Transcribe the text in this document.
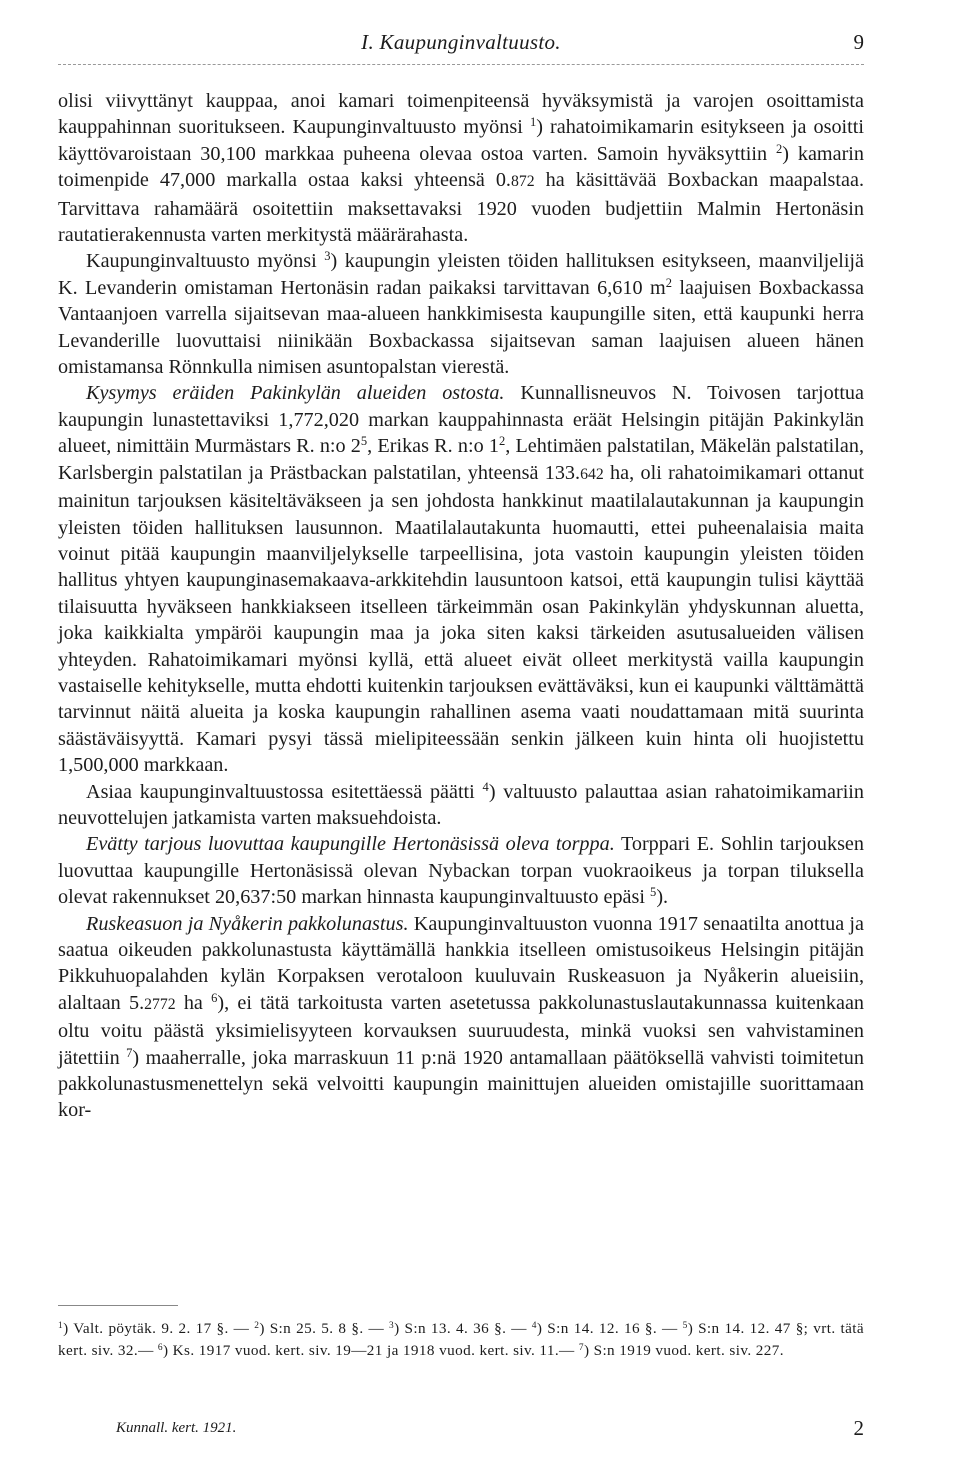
I. Kaupunginvaltuusto.	9

olisi viivyttänyt kauppaa, anoi kamari toimenpiteensä hyväksymistä ja varojen osoittamista kauppahinnan suoritukseen. Kaupunginvaltuusto myönsi $^1$) rahatoimikamarin esitykseen ja osoitti käyttövaroistaan 30,100 markkaa puheena olevaa ostoa varten. Samoin hyväksyttiin $^2$) kamarin toimenpide 47,000 markalla ostaa kaksi yhteensä 0.872 ha käsittävää Boxbackan maapalstaa. Tarvittava rahamäärä osoitettiin maksettavaksi 1920 vuoden budjettiin Malmin Hertonäsin rautatierakennusta varten merkitystä määrärahasta.

Kaupunginvaltuusto myönsi $^3$) kaupungin yleisten töiden hallituksen esitykseen, maanviljelijä K. Levanderin omistaman Hertonäsin radan paikaksi tarvittavan 6,610 $m^2$ laajuisen Boxbackassa Vantaanjoen varrella sijaitsevan maa-alueen hankkimisesta kaupungille siten, että kaupunki herra Levanderille luovuttaisi niinikään Boxbackassa sijaitsevan saman laajuisen alueen hänen omistamansa Rönnkulla nimisen asuntopalstan vierestä.

Kysymys eräiden Pakinkylän alueiden ostosta. Kunnallisneuvos N. Toivosen tarjottua kaupungin lunastettaviksi 1,772,020 markan kauppahinnasta eräät Helsingin pitäjän Pakinkylän alueet, nimittäin Murmästars R. n:o $2^5$, Erikas R. n:o $1^2$, Lehtimäen palstatilan, Mäkelän palstatilan, Karlsbergin palstatilan ja Prästbackan palstatilan, yhteensä 133.642 ha, oli rahatoimikamari ottanut mainitun tarjouksen käsiteltäväkseen ja sen johdosta hankkinut maatilalautakunnan ja kaupungin yleisten töiden hallituksen lausunnon. Maatilalautakunta huomautti, ettei puheenalaisia maita voinut pitää kaupungin maanviljelykselle tarpeellisina, jota vastoin kaupungin yleisten töiden hallitus yhtyen kaupunginasemakaava-arkkitehdin lausuntoon katsoi, että kaupungin tulisi käyttää tilaisuutta hyväkseen hankkiakseen itselleen tärkeimmän osan Pakinkylän yhdyskunnan aluetta, joka kaikkialta ympäröi kaupungin maa ja joka siten kaksi tärkeiden asutusalueiden välisen yhteyden. Rahatoimikamari myönsi kyllä, että alueet eivät olleet merkitystä vailla kaupungin vastaiselle kehitykselle, mutta ehdotti kuitenkin tarjouksen evättäväksi, kun ei kaupunki välttämättä tarvinnut näitä alueita ja koska kaupungin rahallinen asema vaati noudattamaan mitä suurinta säästäväisyyttä. Kamari pysyi tässä mielipiteessään senkin jälkeen kuin hinta oli huojistettu 1,500,000 markkaan.

Asiaa kaupunginvaltuustossa esitettäessä päätti $^4$) valtuusto palauttaa asian rahatoimikamariin neuvottelujen jatkamista varten maksuehdoista.

Evätty tarjous luovuttaa kaupungille Hertonäsissä oleva torppa. Torppari E. Sohlin tarjouksen luovuttaa kaupungille Hertonäsissä olevan Nybackan torpan vuokraoikeus ja torpan tiluksella olevat rakennukset 20,637:50 markan hinnasta kaupunginvaltuusto epäsi $^5$).

Ruskeasuon ja Nyåkerin pakkolunastus. Kaupunginvaltuuston vuonna 1917 senaatilta anottua ja saatua oikeuden pakkolunastusta käyttämällä hankkia itselleen omistusoikeus Helsingin pitäjän Pikkuhuopalahden kylän Korpaksen verotaloon kuuluvain Ruskeasuon ja Nyåkerin alueisiin, alaltaan 5.2772 ha $^6$), ei tätä tarkoitusta varten asetetussa pakkolunastuslautakunnassa kuitenkaan oltu voitu päästä yksimielisyyteen korvauksen suuruudesta, minkä vuoksi sen vahvistaminen jätettiin $^7$) maaherralle, joka marraskuun 11 p:nä 1920 antamallaan päätöksellä vahvisti toimitetun pakkolunastusmenettelyn sekä velvoitti kaupungin mainittujen alueiden omistajille suorittamaan kor-

$^1$) Valt. pöytäk. 9. 2. 17 §. — $^2$) S:n 25. 5. 8 §. — $^3$) S:n 13. 4. 36 §. — $^4$) S:n 14. 12. 16 §. — $^5$) S:n 14. 12. 47 §; vrt. tätä kert. siv. 32.— $^6$) Ks. 1917 vuod. kert. siv. 19—21 ja 1918 vuod. kert. siv. 11.— $^7$) S:n 1919 vuod. kert. siv. 227.
Kunnall. kert. 1921.	2
